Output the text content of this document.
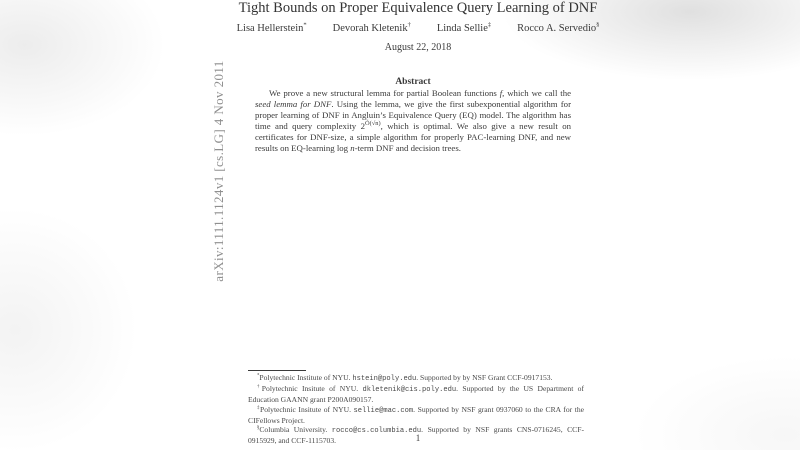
arXiv:1111.1124v1 [cs.LG] 4 Nov 2011
Tight Bounds on Proper Equivalence Query Learning of DNF
Lisa Hellerstein* Devorah Kletenik† Linda Sellie‡ Rocco A. Servedio§
August 22, 2018
Abstract

We prove a new structural lemma for partial Boolean functions f, which we call the seed lemma for DNF. Using the lemma, we give the first subexponential algorithm for proper learning of DNF in Angluin’s Equivalence Query (EQ) model. The algorithm has time and query complexity $2^{Õ(√n)}$, which is optimal. We also give a new result on certificates for DNF-size, a simple algorithm for properly PAC-learning DNF, and new results on EQ-learning log n-term DNF and decision trees.

*Polytechnic Institute of NYU. hstein@poly.edu. Supported by by NSF Grant CCF-0917153.

†Polytechnic Insitute of NYU. dkletenik@cis.poly.edu. Supported by the US Department of Education GAANN grant P200A090157.

‡Polytechnic Insitute of NYU. sellie@mac.com. Supported by NSF grant 0937060 to the CRA for the CIFellows Project.

§Columbia University. rocco@cs.columbia.edu. Supported by NSF grants CNS-0716245, CCF-0915929, and CCF-1115703.	1
